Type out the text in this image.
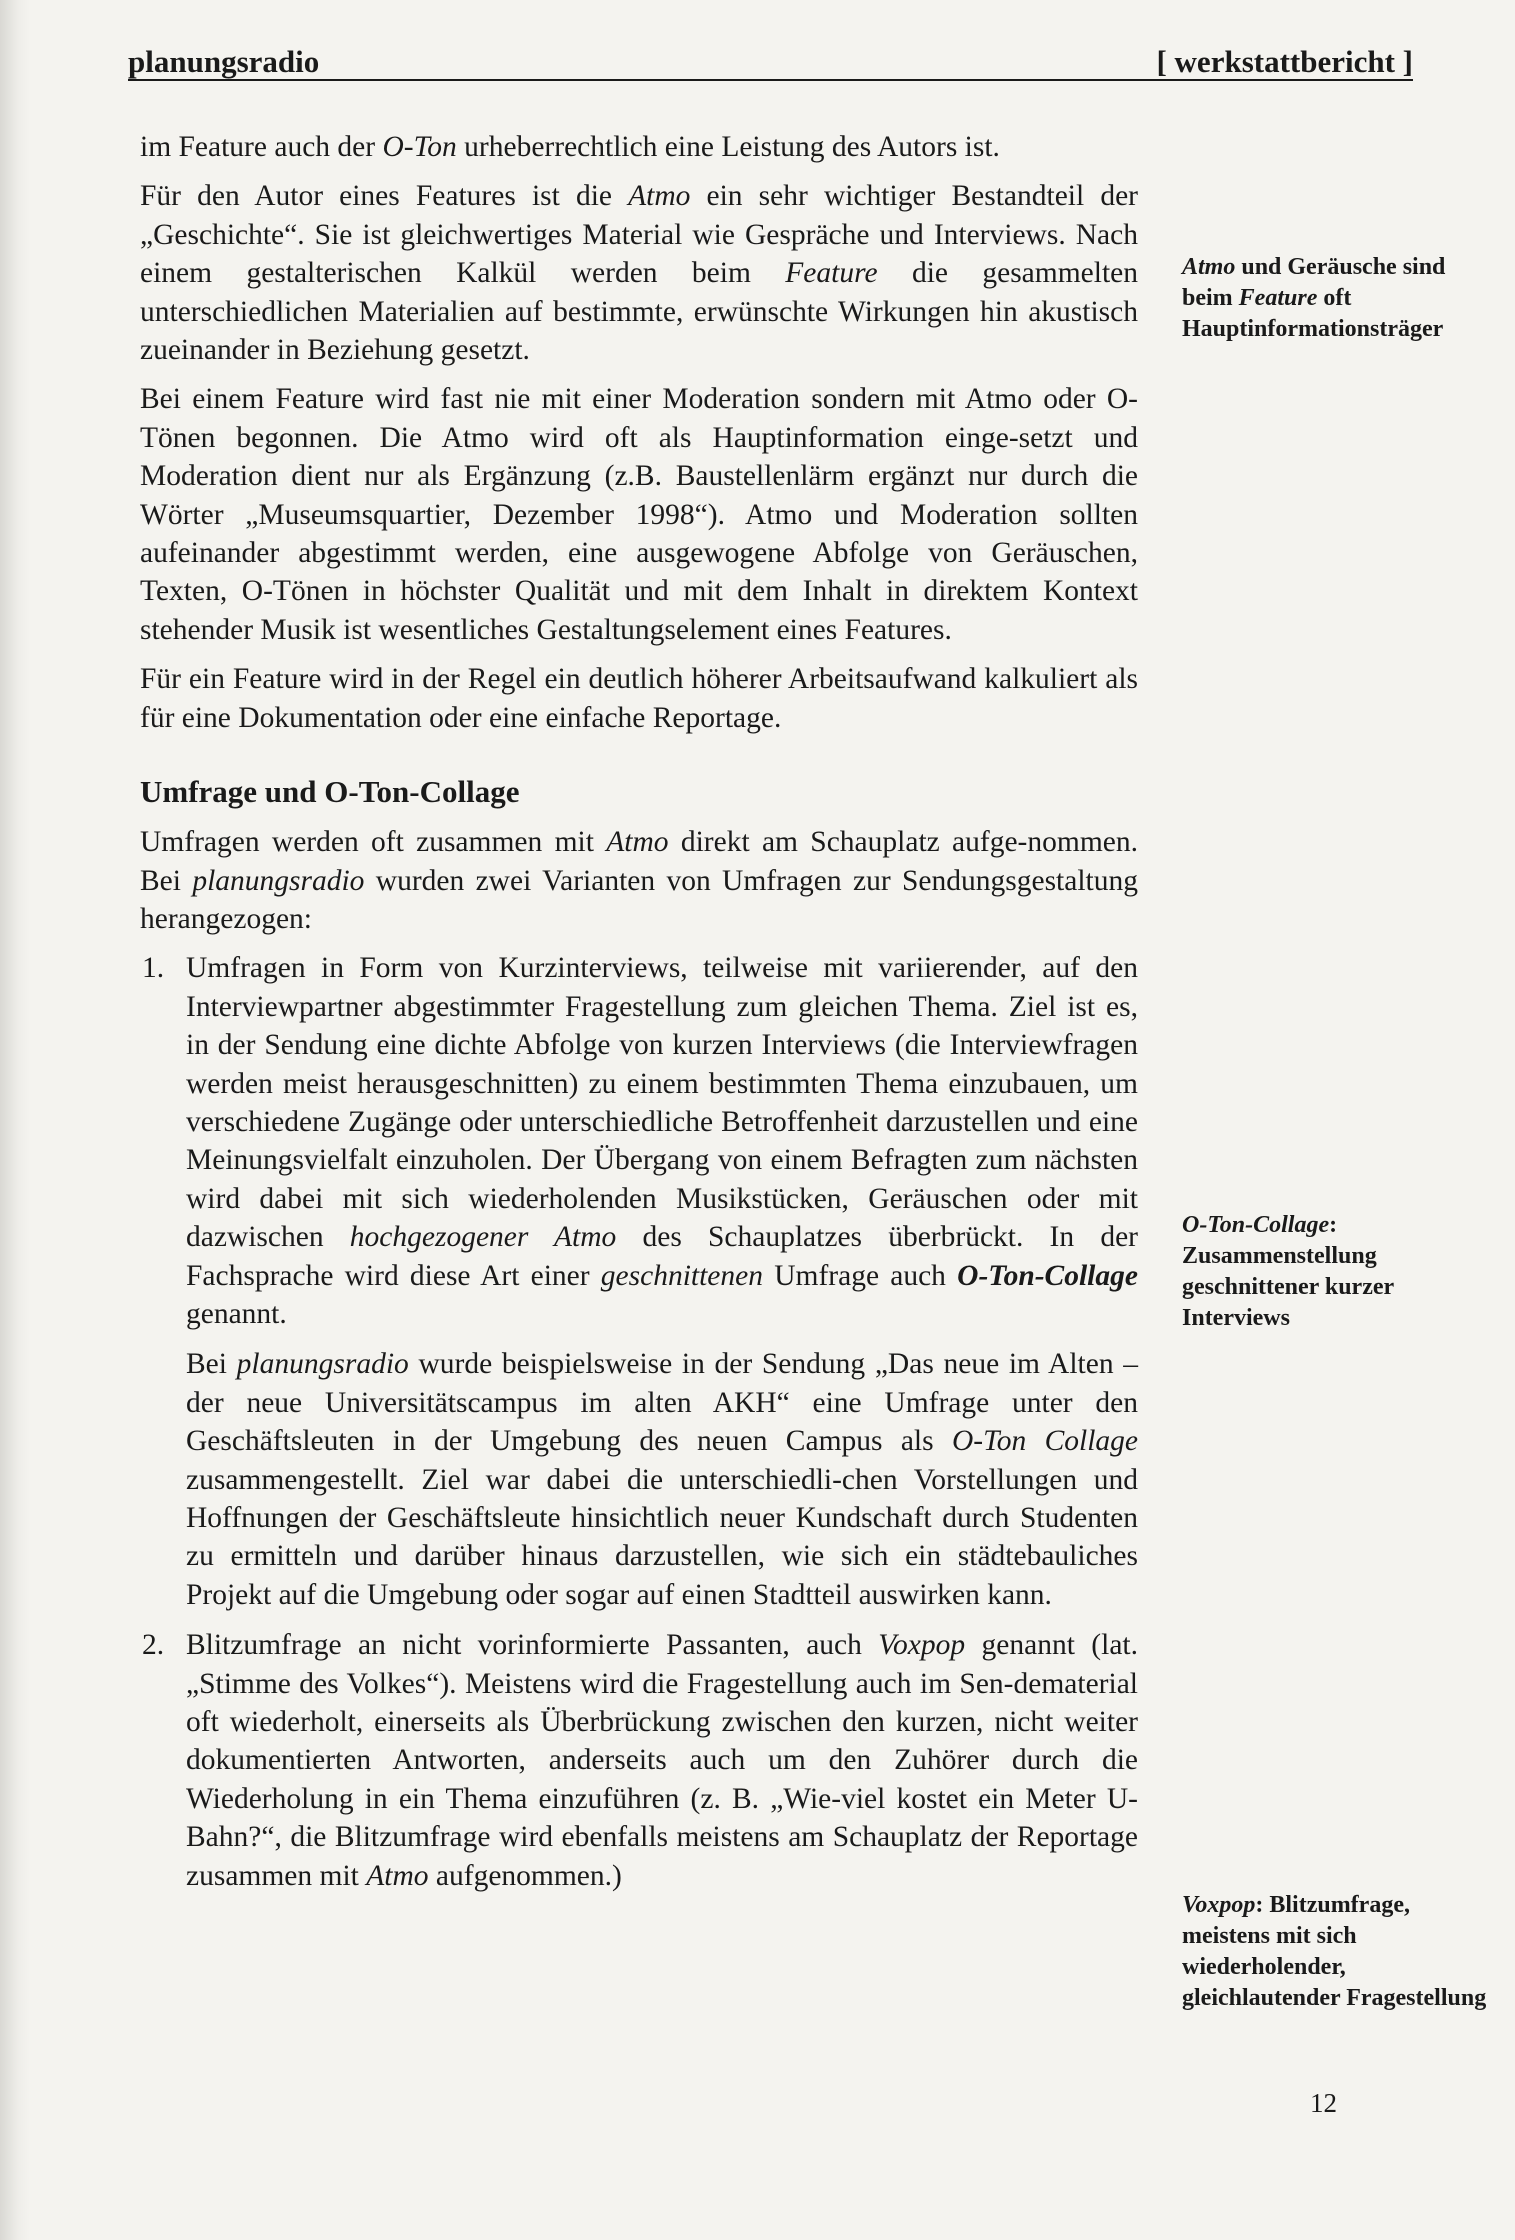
planungsradio	[ werkstattbericht ]

im Feature auch der O-Ton urheberrechtlich eine Leistung des Autors ist.

Für den Autor eines Features ist die Atmo ein sehr wichtiger Bestandteil der „Geschichte“. Sie ist gleichwertiges Material wie Gespräche und Interviews. Nach einem gestalterischen Kalkül werden beim Feature die gesammelten unterschiedlichen Materialien auf bestimmte, erwünschte Wirkungen hin akustisch zueinander in Beziehung gesetzt.

Bei einem Feature wird fast nie mit einer Moderation sondern mit Atmo oder O-Tönen begonnen. Die Atmo wird oft als Hauptinformation einge-setzt und Moderation dient nur als Ergänzung (z.B. Baustellenlärm ergänzt nur durch die Wörter „Museumsquartier, Dezember 1998“). Atmo und Moderation sollten aufeinander abgestimmt werden, eine ausgewogene Abfolge von Geräuschen, Texten, O-Tönen in höchster Qualität und mit dem Inhalt in direktem Kontext stehender Musik ist wesentliches Gestaltungselement eines Features.

Für ein Feature wird in der Regel ein deutlich höherer Arbeitsaufwand kalkuliert als für eine Dokumentation oder eine einfache Reportage.

Umfrage und O-Ton-Collage

Umfragen werden oft zusammen mit Atmo direkt am Schauplatz aufge-nommen. Bei planungsradio wurden zwei Varianten von Umfragen zur Sendungsgestaltung herangezogen:

1. Umfragen in Form von Kurzinterviews, teilweise mit variierender, auf den Interviewpartner abgestimmter Fragestellung zum gleichen Thema. Ziel ist es, in der Sendung eine dichte Abfolge von kurzen Interviews (die Interviewfragen werden meist herausgeschnitten) zu einem bestimmten Thema einzubauen, um verschiedene Zugänge oder unterschiedliche Betroffenheit darzustellen und eine Meinungsvielfalt einzuholen. Der Übergang von einem Befragten zum nächsten wird dabei mit sich wiederholenden Musikstücken, Geräuschen oder mit dazwischen hochgezogener Atmo des Schauplatzes überbrückt. In der Fachsprache wird diese Art einer geschnittenen Umfrage auch O-Ton-Collage genannt.

Bei planungsradio wurde beispielsweise in der Sendung „Das neue im Alten – der neue Universitätscampus im alten AKH“ eine Umfrage unter den Geschäftsleuten in der Umgebung des neuen Campus als O-Ton Collage zusammengestellt. Ziel war dabei die unterschiedli-chen Vorstellungen und Hoffnungen der Geschäftsleute hinsichtlich neuer Kundschaft durch Studenten zu ermitteln und darüber hinaus darzustellen, wie sich ein städtebauliches Projekt auf die Umgebung oder sogar auf einen Stadtteil auswirken kann.

2. Blitzumfrage an nicht vorinformierte Passanten, auch Voxpop genannt (lat. „Stimme des Volkes“). Meistens wird die Fragestellung auch im Sen-dematerial oft wiederholt, einerseits als Überbrückung zwischen den kurzen, nicht weiter dokumentierten Antworten, anderseits auch um den Zuhörer durch die Wiederholung in ein Thema einzuführen (z. B. „Wie-viel kostet ein Meter U-Bahn?“, die Blitzumfrage wird ebenfalls meistens am Schauplatz der Reportage zusammen mit Atmo aufgenommen.)

Atmo und Geräusche sind beim Feature oft Hauptinformationsträger
O-Ton-Collage: Zusammenstellung geschnittener kurzer Interviews
Voxpop: Blitzumfrage, meistens mit sich wiederholender, gleichlautender Fragestellung
12
